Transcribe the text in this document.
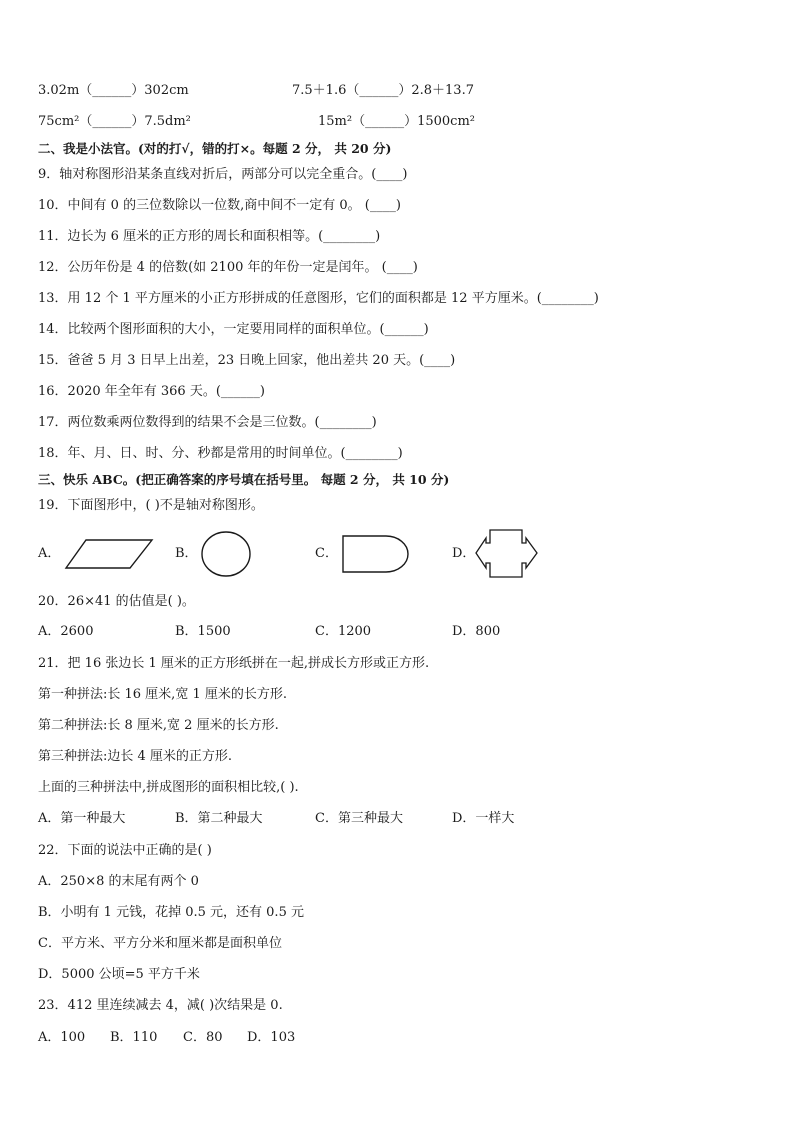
3.02m（______）302cm	7.5＋1.6（______）2.8＋13.7
75cm²（______）7.5dm²	15m²（______）1500cm²
二、我是小法官。(对的打√，错的打×。每题 2 分， 共 20 分)
9．轴对称图形沿某条直线对折后，两部分可以完全重合。(____)
10．中间有 0 的三位数除以一位数,商中间不一定有 0。 (____)
11．边长为 6 厘米的正方形的周长和面积相等。(________)
12．公历年份是 4 的倍数(如 2100 年的年份一定是闰年。 (____)
13．用 12 个 1 平方厘米的小正方形拼成的任意图形，它们的面积都是 12 平方厘米。(________)
14．比较两个图形面积的大小，一定要用同样的面积单位。(______)
15．爸爸 5 月 3 日早上出差，23 日晚上回家，他出差共 20 天。(____)
16．2020 年全年有 366 天。(______)
17．两位数乘两位数得到的结果不会是三位数。(________)
18．年、月、日、时、分、秒都是常用的时间单位。(________)
三、快乐 ABC。(把正确答案的序号填在括号里。 每题 2 分， 共 10 分)
19．下面图形中，( )不是轴对称图形。
A．	B．	C．	D．
20．26×41 的估值是( )。
A．2600	B．1500	C．1200	D．800
21．把 16 张边长 1 厘米的正方形纸拼在一起,拼成长方形或正方形.
第一种拼法:长 16 厘米,宽 1 厘米的长方形.
第二种拼法:长 8 厘米,宽 2 厘米的长方形.
第三种拼法:边长 4 厘米的正方形.
上面的三种拼法中,拼成图形的面积相比较,( ).
A．第一种最大	B．第二种最大	C．第三种最大	D．一样大
22．下面的说法中正确的是( )
A．250×8 的末尾有两个 0
B．小明有 1 元钱，花掉 0.5 元，还有 0.5 元
C．平方米、平方分米和厘米都是面积单位
D．5000 公顷=5 平方千米
23．412 里连续减去 4，减( )次结果是 0.
A．100 B．110 C．80 D．103
